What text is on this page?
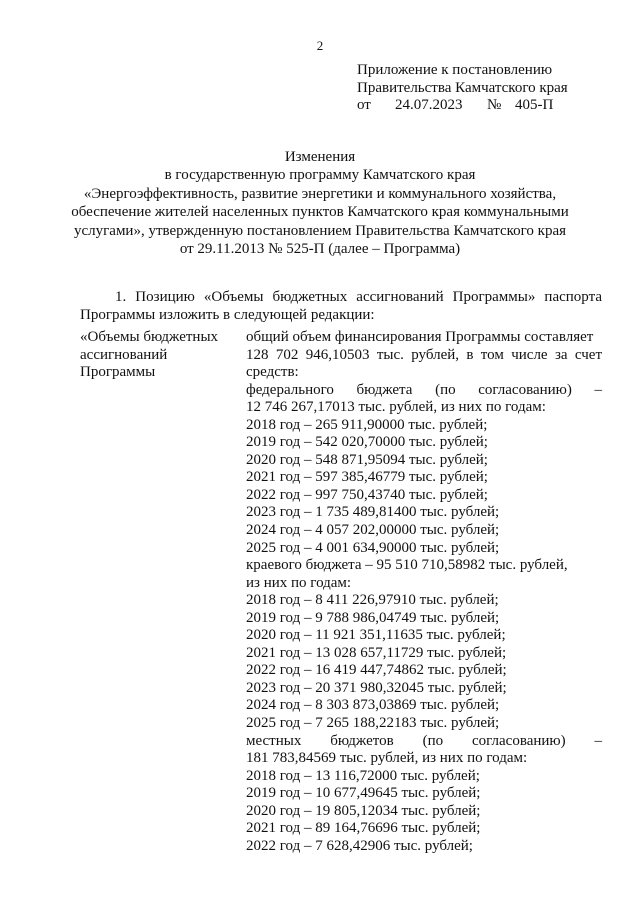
2
Приложение к постановлению
Правительства Камчатского края
от	24.07.2023	№ 405-П
Изменения
в государственную программу Камчатского края
«Энергоэффективность, развитие энергетики и коммунального хозяйства,
обеспечение жителей населенных пунктов Камчатского края коммунальными
услугами», утвержденную постановлением Правительства Камчатского края
от 29.11.2013 № 525-П (далее – Программа)
1. Позицию «Объемы бюджетных ассигнований Программы» паспорта
Программы изложить в следующей редакции:
«Объемы бюджетных
ассигнований
Программы
общий объем финансирования Программы составляет
128 702 946,10503 тыс. рублей, в том числе за счет
средств:
федерального бюджета (по согласованию) –
12 746 267,17013 тыс. рублей, из них по годам:
2018 год – 265 911,90000 тыс. рублей;
2019 год – 542 020,70000 тыс. рублей;
2020 год – 548 871,95094 тыс. рублей;
2021 год – 597 385,46779 тыс. рублей;
2022 год – 997 750,43740 тыс. рублей;
2023 год – 1 735 489,81400 тыс. рублей;
2024 год – 4 057 202,00000 тыс. рублей;
2025 год – 4 001 634,90000 тыс. рублей;
краевого бюджета – 95 510 710,58982 тыс. рублей,
из них по годам:
2018 год – 8 411 226,97910 тыс. рублей;
2019 год – 9 788 986,04749 тыс. рублей;
2020 год – 11 921 351,11635 тыс. рублей;
2021 год – 13 028 657,11729 тыс. рублей;
2022 год – 16 419 447,74862 тыс. рублей;
2023 год – 20 371 980,32045 тыс. рублей;
2024 год – 8 303 873,03869 тыс. рублей;
2025 год – 7 265 188,22183 тыс. рублей;
местных бюджетов (по согласованию) –
181 783,84569 тыс. рублей, из них по годам:
2018 год – 13 116,72000 тыс. рублей;
2019 год – 10 677,49645 тыс. рублей;
2020 год – 19 805,12034 тыс. рублей;
2021 год – 89 164,76696 тыс. рублей;
2022 год – 7 628,42906 тыс. рублей;
